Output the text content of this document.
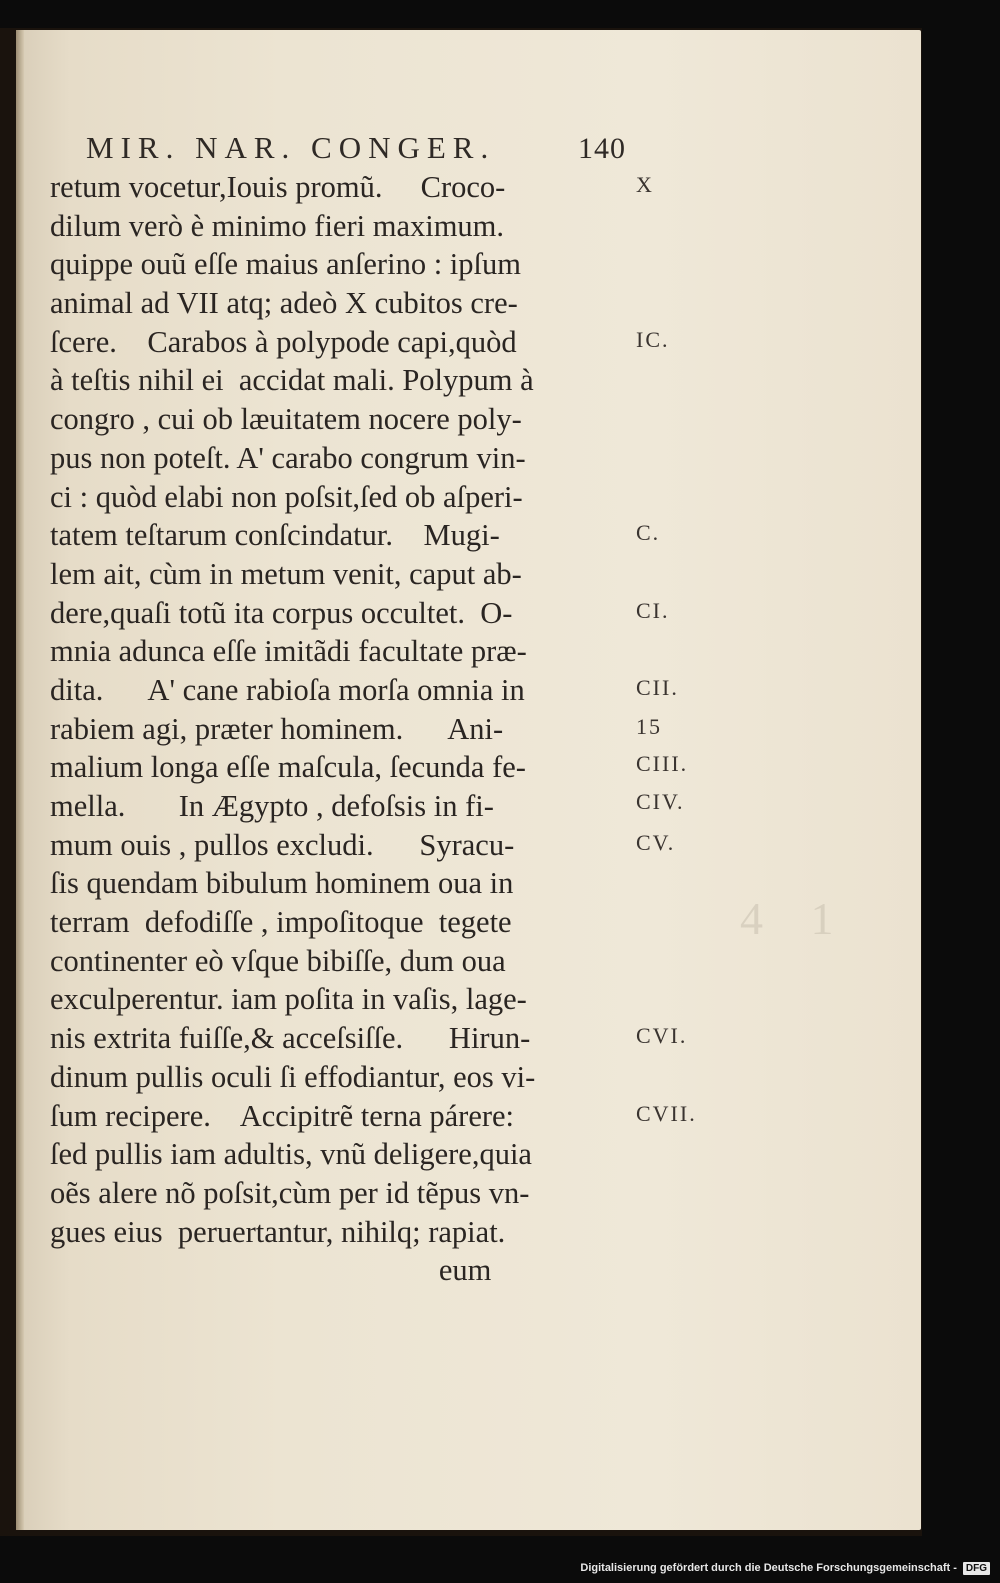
MIR. NAR. CONGER.	140
retum vocetur,Iouis promũ.     Croco-
dilum verò è minimo fieri maximum.
quippe ouũ eſſe maius anſerino : ipſum
animal ad VII atq; adeò X cubitos cre-
ſcere.    Carabos à polypode capi,quòd
à teſtis nihil ei  accidat mali. Polypum à
congro , cui ob læuitatem nocere poly-
pus non poteſt. A' carabo congrum vin-
ci : quòd elabi non poſsit,ſed ob aſperi-
tatem teſtarum conſcindatur.    Mugi-
lem ait, cùm in metum venit, caput ab-
dere,quaſi totũ ita corpus occultet.  O-
mnia adunca eſſe imitãdi facultate præ-
dita.      A' cane rabioſa morſa omnia in
rabiem agi, præter hominem.      Ani-
malium longa eſſe maſcula, ſecunda fe-
mella.       In Ægypto , defoſsis in fi-
mum ouis , pullos excludi.      Syracu-
ſis quendam bibulum hominem oua in
terram  defodiſſe , impoſitoque  tegete
continenter eò vſque bibiſſe, dum oua
exculperentur. iam poſita in vaſis, lage-
nis extrita fuiſſe,& acceſsiſſe.      Hirun-
dinum pullis oculi ſi effodiantur, eos vi-
ſum recipere.    Accipitrẽ terna párere:
ſed pullis iam adultis, vnũ deligere,quia
oẽs alere nõ poſsit,cùm per id tẽpus vn-
gues eius  peruertantur, nihilq; rapiat.
eum
X
IC.
C.
CI.
CII.
15
CIII.
CIV.
CV.
CVI.
CVII.
4 1
Digitalisierung gefördert durch die Deutsche Forschungsgemeinschaft - DFG
